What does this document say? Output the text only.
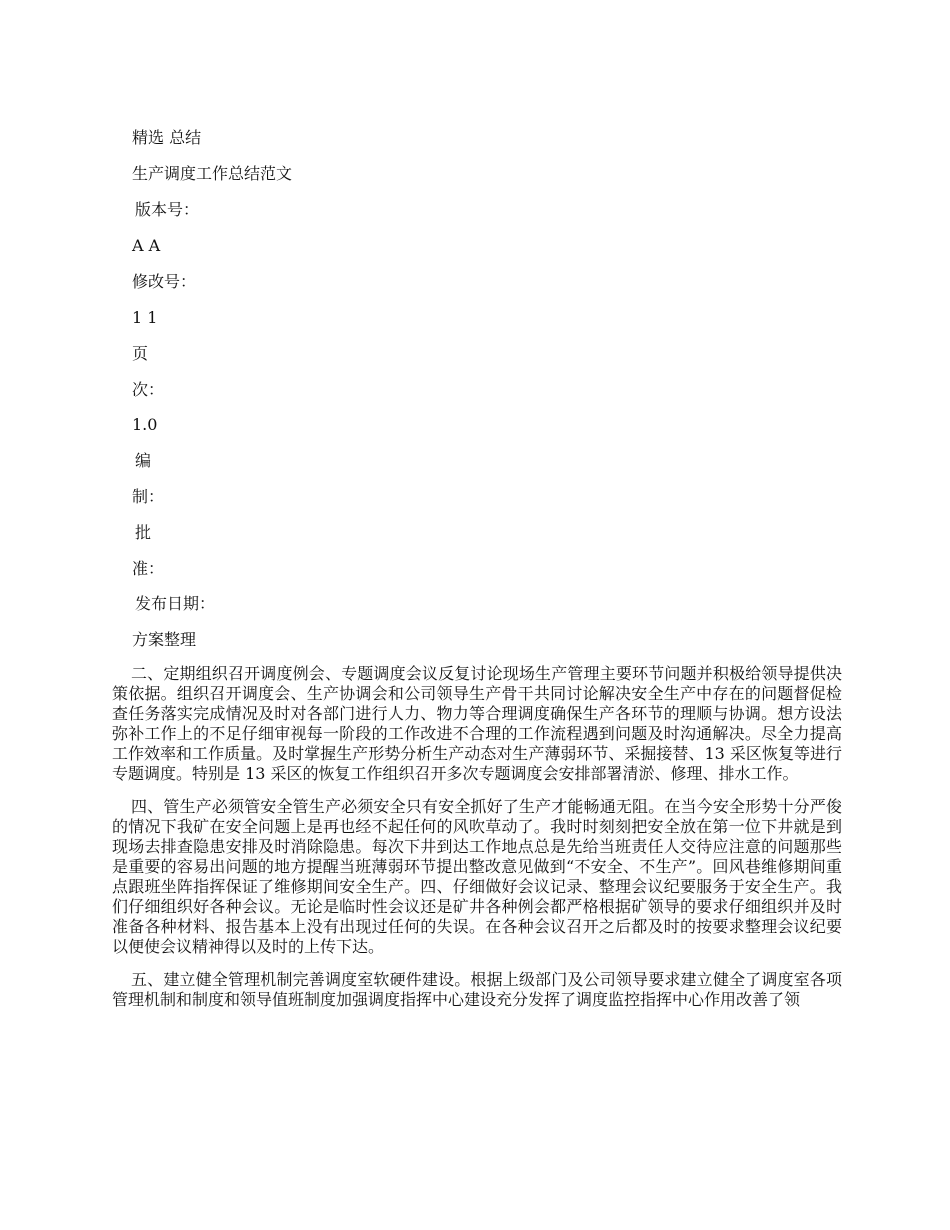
精选 总结
生产调度工作总结范文
版本号：
A A
修改号：
1 1
页
次：
1.0
编
制：
批
准：
发布日期：
方案整理

二、定期组织召开调度例会、专题调度会议反复讨论现场生产管理主要环节问题并积极给领导提供决策依据。组织召开调度会、生产协调会和公司领导生产骨干共同讨论解决安全生产中存在的问题督促检查任务落实完成情况及时对各部门进行人力、物力等合理调度确保生产各环节的理顺与协调。想方设法弥补工作上的不足仔细审视每一阶段的工作改进不合理的工作流程遇到问题及时沟通解决。尽全力提高工作效率和工作质量。及时掌握生产形势分析生产动态对生产薄弱环节、采掘接替、13 采区恢复等进行专题调度。特别是 13 采区的恢复工作组织召开多次专题调度会安排部署清淤、修理、排水工作。

四、管生产必须管安全管生产必须安全只有安全抓好了生产才能畅通无阻。在当今安全形势十分严俊的情况下我矿在安全问题上是再也经不起任何的风吹草动了。我时时刻刻把安全放在第一位下井就是到现场去排查隐患安排及时消除隐患。每次下井到达工作地点总是先给当班责任人交待应注意的问题那些是重要的容易出问题的地方提醒当班薄弱环节提出整改意见做到“不安全、不生产”。回风巷维修期间重点跟班坐阵指挥保证了维修期间安全生产。四、仔细做好会议记录、整理会议纪要服务于安全生产。我们仔细组织好各种会议。无论是临时性会议还是矿井各种例会都严格根据矿领导的要求仔细组织并及时准备各种材料、报告基本上没有出现过任何的失误。在各种会议召开之后都及时的按要求整理会议纪要以便使会议精神得以及时的上传下达。

五、建立健全管理机制完善调度室软硬件建设。根据上级部门及公司领导要求建立健全了调度室各项管理机制和制度和领导值班制度加强调度指挥中心建设充分发挥了调度监控指挥中心作用改善了领
